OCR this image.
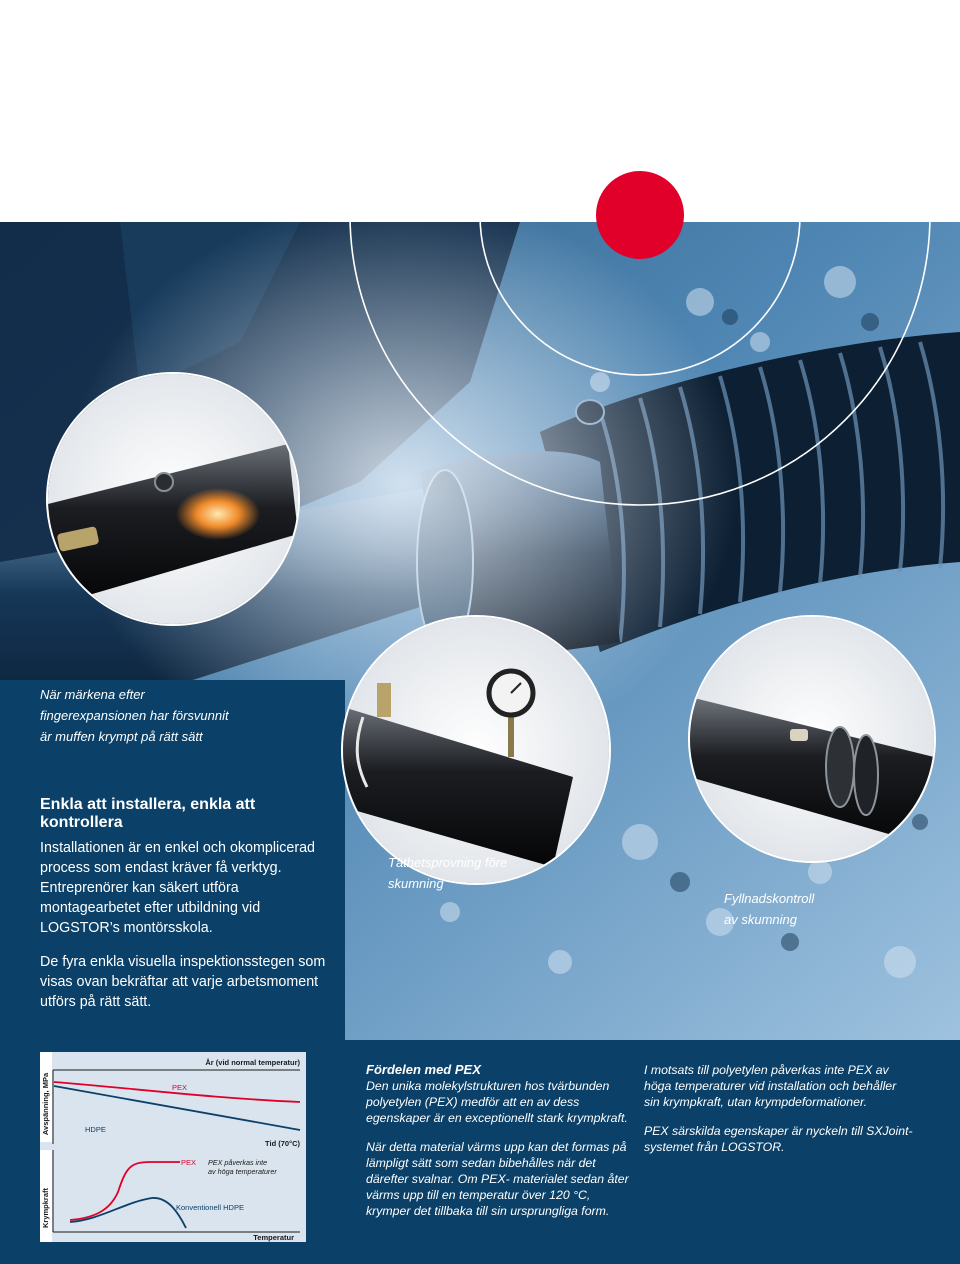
När märkena efter
fingerexpansionen har försvunnit
är muffen krympt på rätt sätt
Täthetsprovning före
skumning
Fyllnadskontroll
av skumning
Enkla att installera, enkla att kontrollera
Installationen är en enkel och okomplicerad process som endast kräver få verktyg. Entreprenörer kan säkert utföra montagearbetet efter utbildning vid LOGSTOR’s montörsskola.
De fyra enkla visuella inspektionsstegen som visas ovan bekräftar att varje arbetsmoment utförs på rätt sätt.
Avspänning, MPa
År (vid normal temperatur)
PEX
HDPE
Tid (70°C)
Krympkraft
PEX PEX påverkas inte av höga temperaturer
Konventionell HDPE
Temperatur
Fördelen med PEX

Den unika molekylstrukturen hos tvärbunden polyetylen (PEX) medför att en av dess egenskaper är en exceptionellt stark krympkraft.

När detta material värms upp kan det formas på lämpligt sätt som sedan bibehålles när det därefter svalnar. Om PEX- materialet sedan åter värms upp till en temperatur över 120 °C, krymper det tillbaka till sin ursprungliga form.

I motsats till polyetylen påverkas inte PEX av höga temperaturer vid installation och behåller sin krympkraft, utan krympdeformationer.

PEX särskilda egenskaper är nyckeln till SXJoint-systemet från LOGSTOR.
